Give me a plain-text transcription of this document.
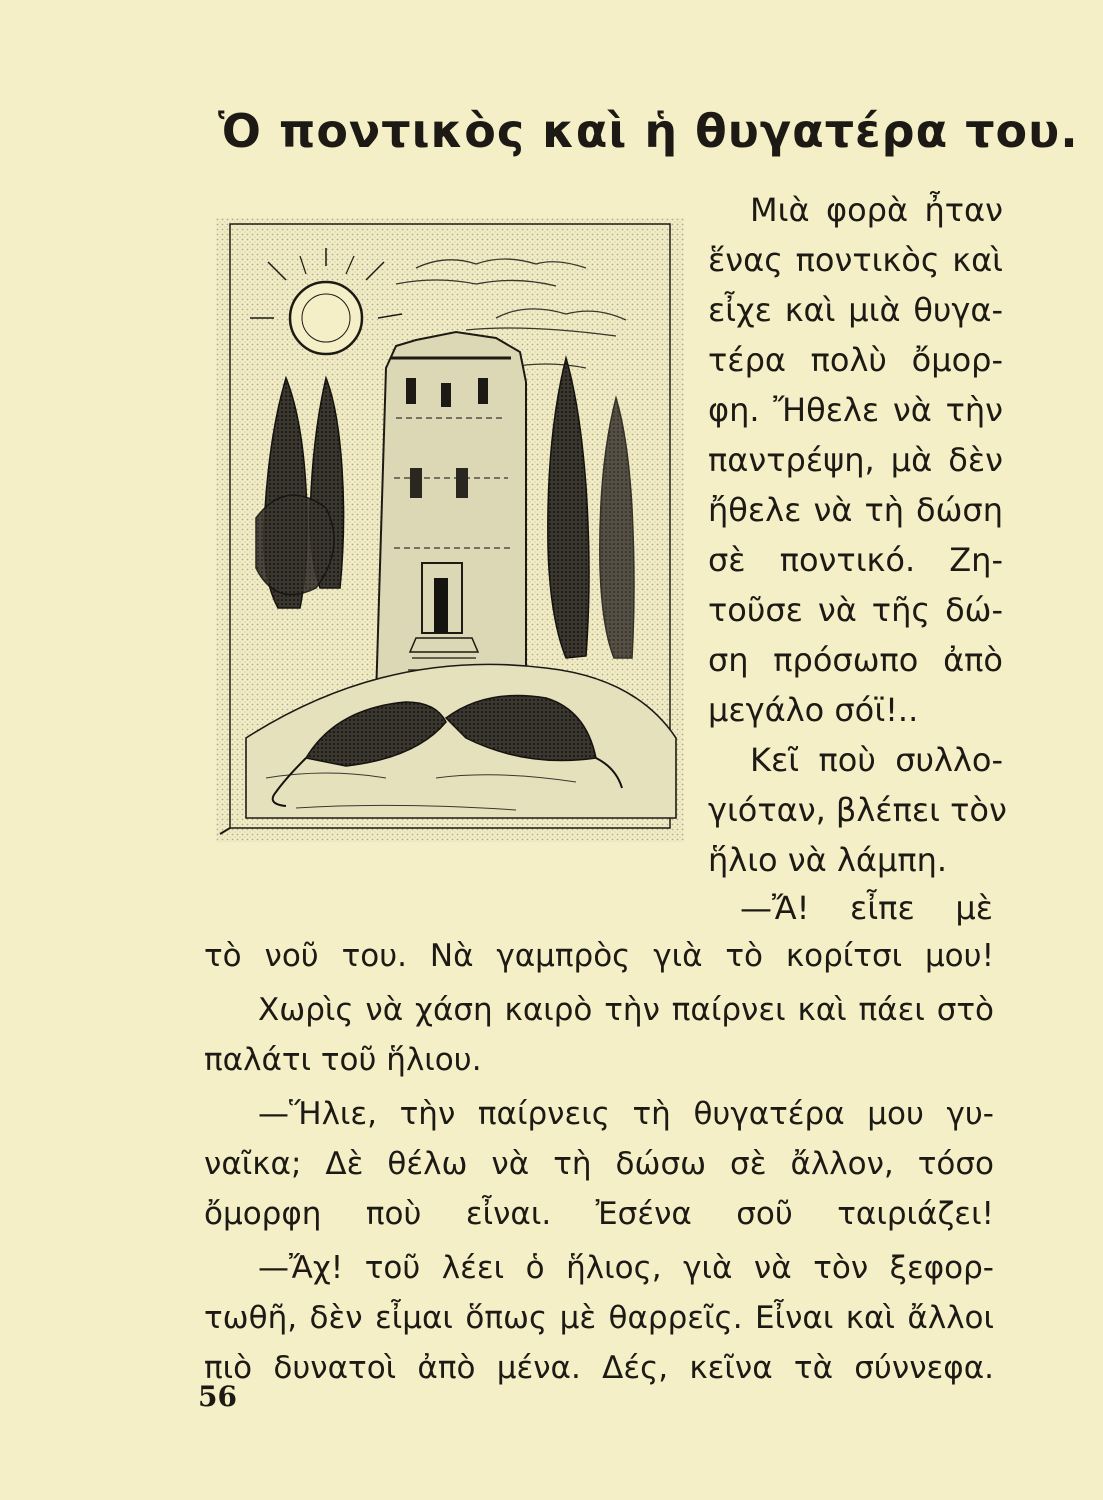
Ὁ ποντικὸς καὶ ἡ θυγατέρα του.
Μιὰ φορὰ ἦταν
ἕνας ποντικὸς καὶ
εἶχε καὶ μιὰ θυγα-
τέρα πολὺ ὄμορ-
φη. Ἤθελε νὰ τὴν
παντρέψη, μὰ δὲν
ἤθελε νὰ τὴ δώση
σὲ ποντικό. Ζη-
τοῦσε νὰ τῆς δώ-
ση πρόσωπο ἀπὸ
μεγάλο σόϊ!..
Κεῖ ποὺ συλλο-
γιόταν, βλέπει τὸν
ἥλιο νὰ λάμπη.
—Ἄ! εἶπε μὲ
τὸ νοῦ του. Νὰ γαμπρὸς γιὰ τὸ κορίτσι μου!
Χωρὶς νὰ χάση καιρὸ τὴν παίρνει καὶ πάει στὸ
παλάτι τοῦ ἥλιου.
—Ἥλιε, τὴν παίρνεις τὴ θυγατέρα μου γυ-
ναῖκα; Δὲ θέλω νὰ τὴ δώσω σὲ ἄλλον, τόσο
ὄμορφη ποὺ εἶναι. Ἐσένα σοῦ ταιριάζει!
—Ἄχ! τοῦ λέει ὁ ἥλιος, γιὰ νὰ τὸν ξεφορ-
τωθῆ, δὲν εἶμαι ὅπως μὲ θαρρεῖς. Εἶναι καὶ ἄλλοι
πιὸ δυνατοὶ ἀπὸ μένα. Δές, κεῖνα τὰ σύννεφα.
56
